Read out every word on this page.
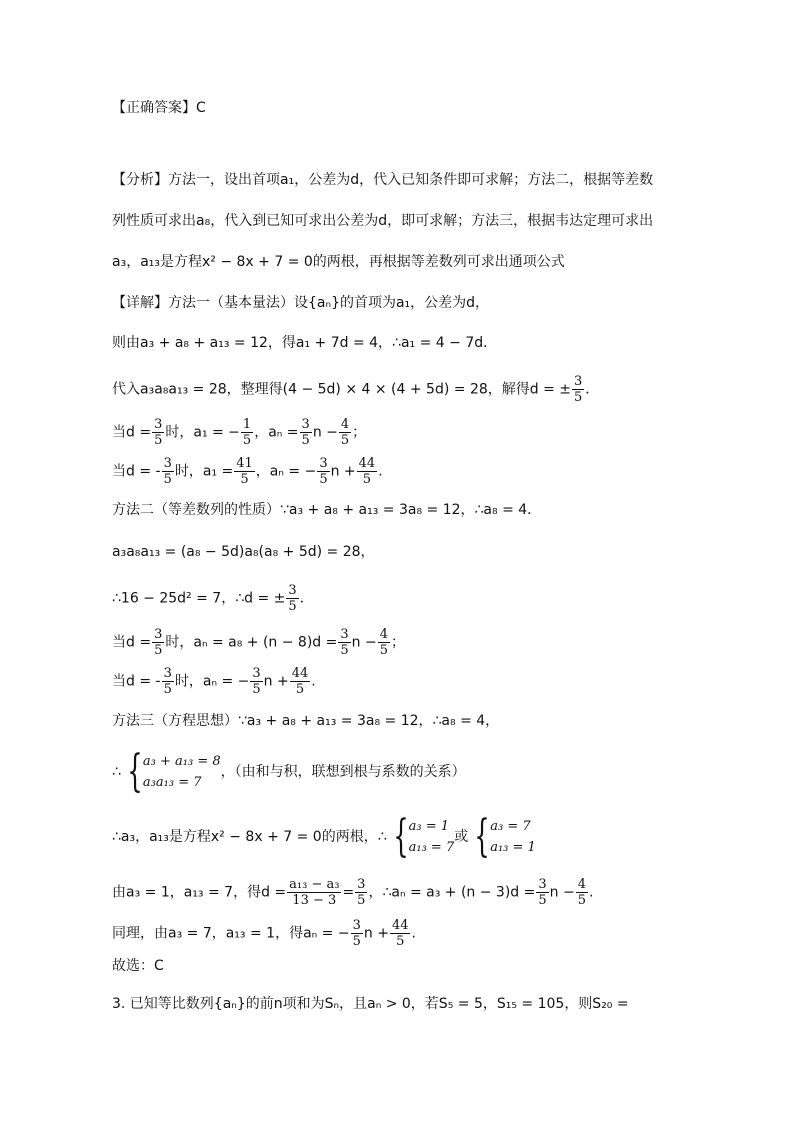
【正确答案】C
【分析】方法一，设出首项a₁，公差为d，代入已知条件即可求解；方法二，根据等差数
列性质可求出a₈，代入到已知可求出公差为d，即可求解；方法三，根据韦达定理可求出
a₃，a₁₃是方程x² − 8x + 7 = 0的两根，再根据等差数列可求出通项公式
【详解】方法一（基本量法）设{aₙ}的首项为a₁，公差为d，
则由a₃ + a₈ + a₁₃ = 12，得a₁ + 7d = 4，∴a₁ = 4 − 7d．
代入a₃a₈a₁₃ = 28，整理得(4 − 5d) × 4 × (4 + 5d) = 28，解得d = ± $\frac{3}{5}$ ．
当$d = \frac{3}{5}$ 时，a₁ = − $\frac{1}{5}$ ，$a_n = \frac{3}{5}$ $n - \frac{4}{5}$ ；
当d = - $\frac{3}{5}$ 时，$a_1 = \frac{41}{5}$ ，aₙ = − $\frac{3}{5}$ $n + \frac{44}{5}$ .
方法二（等差数列的性质）∵a₃ + a₈ + a₁₃ = 3a₈ = 12，∴a₈ = 4．
a₃a₈a₁₃ = (a₈ − 5d)a₈(a₈ + 5d) = 28，
∴16 − 25d² = 7，∴d = ± $\frac{3}{5}$ ．
当$d = \frac{3}{5}$ 时，$a_n = a_8 + (n - 8)d = \frac{3}{5}$ $n - \frac{4}{5}$ ；
当d = - $\frac{3}{5}$ 时，aₙ = − $\frac{3}{5}$ $n + \frac{44}{5}$ .
方法三（方程思想）∵a₃ + a₈ + a₁₃ = 3a₈ = 12，∴a₈ = 4，
∴ { a₃ + a₁₃ = 8
a₃a₁₃ = 7
，（由和与积，联想到根与系数的关系）
∴a₃，a₁₃是方程x² − 8x + 7 = 0的两根，∴ { a₃ = 1
a₁₃ = 7
或 { a₃ = 7
a₁₃ = 1
由a₃ = 1，a₁₃ = 7，得$d = \frac{\text{a₁₃ − a₃}}{13 - 3} = \frac{3}{5}$ ，∴aₙ = $a_3 + (n - 3)d = \frac{3}{5}$ $n - \frac{4}{5}$ .
同理，由a₃ = 7，a₁₃ = 1，得aₙ = − $\frac{3}{5}$ $n + \frac{44}{5}$ .
故选：C
3. 已知等比数列{aₙ}的前n项和为Sₙ，且aₙ > 0，若S₅ = 5，S₁₅ = 105，则S₂₀ =
